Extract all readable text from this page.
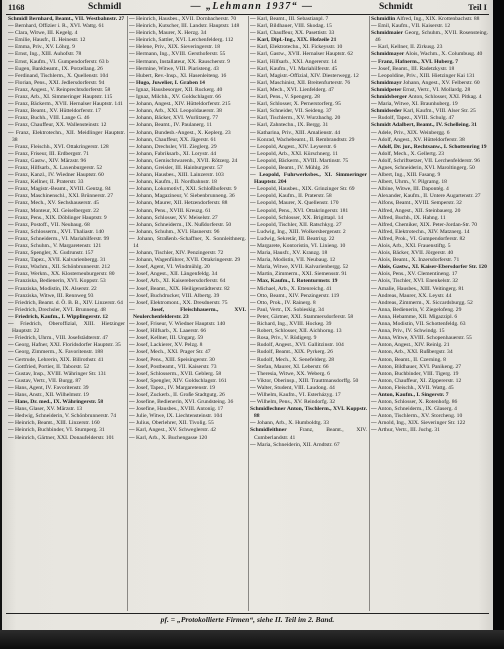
1168	Schmidl	— „Lehmann 1937“ —	Schmidt	Teil I
Schmidl Bernhard, Beamt., VII. Westbahnstr. 27
— Bernhard, Offizier i. R., XVI. Wattg. 61
— Clara, Witwe, III. Kegelg. 4
— Emilie, Hausfr., II. Heinestr. 12
— Emma, Priv., XV. Löhrg. 9
— Ernst, Ing., XIII. Auhofstr. 78
— Ernst, Kaufm., VI. Gumpendorferstr. 63 b
— Eugen, Bankbeamt., IX. Porzellang. 26
— Ferdinand, Tischlerm., X. Quellenstr. 104
— Florian, Pens., XXI. Jedlersdorferstr. 94
— Franz, Angest., V. Reinprechtsdorferstr. 58
— Franz, Arb., XI. Simmeringer Hauptstr. 115
— Franz, Bäckerm., XVII. Hernalser Hauptstr. 141
— Franz, Beamt., XV. Hütteldorferstr. 17
— Franz, Buchh., VIII. Lange G. 46
— Franz, Chauffeur, XX. Wallensteinstr. 12
— Franz, Elektrotechn., XII. Meidlinger Hauptstr. 38
— Franz, Fleischh., XVI. Ottakringerstr. 128
— Franz, Friseur, III. Erdbergstr. 71
— Franz, Gastw., XIV. Märzstr. 96
— Franz, Hilfsarb., X. Laxenburgerstr. 52
— Franz, Kanzl., IV. Wiedner Hauptstr. 60
— Franz, Kellner, II. Praterstr. 33
— Franz, Magistr.-Beamt., XVIII. Gentzg. 84
— Franz, Maschinenschl., XXI. Brünnerstr. 27
— Franz, Mech., XV. Sechshauserstr. 45
— Franz, Monteur, XI. Geiselbergstr. 22
— Franz, Pens., XIX. Döblinger Hauptstr. 9
— Franz, Postoff., VII. Neubaug. 68
— Franz, Schlosserm., XVI. Thaliastr. 140
— Franz, Schneiderm., VI. Mariahilferstr. 99
— Franz, Schuhm., V. Margaretenstr. 121
— Franz, Spengler, X. Gudrunstr. 157
— Franz, Tapez., XVII. Kalvarienbergg. 31
— Franz, Wachm., XII. Schönbrunnerstr. 212
— Franz, Werkm., XX. Klosterneuburgerstr. 80
— Franziska, Bedienerin, XVI. Koppstr. 53
— Franziska, Modistin, IX. Alserstr. 22
— Franziska, Witwe, III. Rennweg 93
— Friedrich, Beamt. d. Ö. B. B., XIV. Linzerstr. 64
— Friedrich, Drechsler, XVI. Brunneng. 48
— Friedrich, Kaufm., I. Wipplingerstr. 12
— Friedrich, Oberoffizial, XIII. Hietzinger Hauptstr. 22
— Friedrich, Uhrm., VIII. Josefstädterstr. 47
— Georg, Hafner, XXI. Floridsdorfer Hauptstr. 35
— Georg, Zimmerm., X. Favoritenstr. 188
— Gertrude, Lehrerin, XIX. Billrothstr. 41
— Gottfried, Portier, II. Taborstr. 52
— Gustav, Insp., XVIII. Währinger Str. 131
— Gustav, Vertr., VII. Burgg. 87
— Hans, Agent, IV. Favoritenstr. 39
— Hans, Anstr., XII. Wilhelmstr. 19
— Hans, Dr. med., IX. Währingerstr. 58
— Hans, Glaser, XV. Märzstr. 13
— Hedwig, Schneiderin, V. Schönbrunnerstr. 74
— Heinrich, Beamt., XIII. Linzerstr. 160
— Heinrich, Buchbinder, VI. Stumperg. 31
— Heinrich, Gärtner, XXI. Donaufelderstr. 101
— Heinrich, Hausbes., XVII. Dornbacherstr. 70
— Heinrich, Kutscher, III. Landstr. Hauptstr. 148
— Heinrich, Maurer, X. Herzg. 34
— Heinrich, Sattler, XVI. Lerchenfelderg. 112
— Helene, Priv., XIX. Sieveringerstr. 18
— Hermann, Ing., XVIII. Gersthoferstr. 55
— Hermann, Installateur, XX. Rauscherstr. 9
— Hermine, Witwe, VIII. Piaristeng. 43
— Hubert, Rev.-Insp., XI. Hasenleiteng. 16
— Hugo, Juwelier, I. Graben 14
— Ignaz, Hausbesorger, XII. Ruckerg. 40
— Ignaz, Milchh., XV. Goldschlagstr. 66
— Johann, Angest., XIV. Hütteldorferstr. 215
— Johann, Arb., XXI. Leopoldauerstr. 38
— Johann, Bäcker, XVI. Wurlitzerg. 77
— Johann, Beamt., IV. Paulanerg. 11
— Johann, Bundesb.-Angest., X. Keplerg. 23
— Johann, Chauffeur, XX. Jägerstr. 61
— Johann, Drechsler, VII. Zieglerg. 29
— Johann, Fabriksarb., XI. Lorystr. 44
— Johann, Gemischtwarenh., XVII. Rötzerg. 24
— Johann, Greisler, III. Hainburgerstr. 57
— Johann, Hausbes., XIII. Lainzerstr. 103
— Johann, Kaufm., II. Nordbahnstr. 18
— Johann, Lokomotivf., XXI. Schloßhoferstr. 9
— Johann, Magazineur, V. Siebenbrunneng. 36
— Johann, Maurer, XII. Hetzendorferstr. 88
— Johann, Pens., XVIII. Kreuzg. 61
— Johann, Schlosser, XV. Meiselstr. 27
— Johann, Schneiderm., IX. Nußdorferstr. 50
— Johann, Schuhm., XVI. Hasnerstr. 96
— Johann, Straßenb.-Schaffner, X. Sonnleithnerg. 14
— Johann, Tischler, XIV. Penzingerstr. 72
— Johann, Wagenführer, XVII. Ottakringerstr. 29
— Josef, Agent, VI. Windmühlg. 20
— Josef, Angest., XII. Längenfeldg. 34
— Josef, Arb., XI. Kaiserebersdorferstr. 64
— Josef, Beamt., XIX. Heiligenstädterstr. 82
— Josef, Buchdrucker, VIII. Albertg. 39
— Josef, Elektromont., XX. Dresdnerstr. 75
—	Josef, Fleischhauerm., XVI. Neulerchenfelderstr. 23
— Josef, Friseur, V. Wiedner Hauptstr. 140
— Josef, Hilfsarb., X. Laaerstr. 66
— Josef, Kellner, III. Ungarg. 59
— Josef, Lackierer, XV. Pelzg. 8
— Josef, Mech., XXI. Prager Str. 47
— Josef, Pens., XIII. Speisingerstr. 30
— Josef, Postbeamt., VII. Kaiserstr. 73
— Josef, Schlosserm., XVII. Geblerg. 58
— Josef, Spengler, XIV. Goldschlagstr. 161
— Josef, Tapez., IV. Margaretenstr. 19
— Josef, Zuckerb., II. Große Stadtgutg. 26
— Josefine, Bedienerin, XVI. Grundsteing. 36
— Josefine, Hausbes., XVIII. Antonig. 17
— Julie, Witwe, IX. Liechtensteinstr. 104
— Julius, Oberlehrer, XII. Tivolig. 55
— Karl, Angest., XV. Schweglerstr. 42
— Karl, Arb., X. Buchengasse 120
— Karl, Beamt., III. Sebastianpl. 7
— Karl, Bildhauer, VIII. Skodag. 15
— Karl, Chauffeur, XX. Pasettistr. 33
— Karl, Dipl.-Ing., XIX. Hofzeile 21
— Karl, Elektrotechn., XI. Fickeysstr. 10
— Karl, Gastw., XVII. Hernalser Hauptstr. 62
— Karl, Hilfsarb., XXI. Angererstr. 14
— Karl, Kaufm., VI. Mariahilferstr. 45
— Karl, Magistr.-Offizial, XIV. Diesterwegg. 12
— Karl, Maschinist, XII. Breitenfurterstr. 76
— Karl, Mech., XVI. Lienfelderg. 47
— Karl, Pens., V. Spengerg. 28
— Karl, Schlosser, X. Pernerstorferg. 95
— Karl, Schneider, VII. Seideng. 37
— Karl, Tischlerm., XV. Wurzbachg. 20
— Karl, Zahntechn., IX. Bergg. 31
— Katharina, Priv., XIII. Amalienstr. 44
— Konrad, Wachebeamt., II. Rembrandtstr. 29
— Leopold, Angest., XIV. Leyserstr. 6
— Leopold, Arb., XXI. Kürschnerg. 11
— Leopold, Bäckerm., XVIII. Martinstr. 75
— Leopold, Beamt., IV. Mühlg. 26
— Leopold, Fuhrwerksbes., XI. Simmeringer Hauptstr. 204
— Leopold, Hausbes., XIX. Grinzinger Str. 69
— Leopold, Kaufm., II. Praterstr. 58
— Leopold, Maurer, X. Quellenstr. 170
— Leopold, Pens., XVI. Ottakringerstr. 181
— Leopold, Schlosser, XX. Brigittapl. 14
— Leopold, Tischler, XII. Ratschkyg. 27
— Ludwig, Ing., XIII. Wolkersbergenstr. 2
— Ludwig, Sekretär, III. Beatrixg. 22
— Margarete, Kontoristin, VI. Linieng. 10
— Maria, Hausfr., XV. Kranzg. 18
— Maria, Modistin, VII. Neubaug. 12
— Maria, Witwe, XVII. Kalvarienbergg. 52
— Martin, Zimmerm., XXI. Siemensstr. 91
— Max, Kaufm., I. Rotenturmstr. 19
— Michael, Arb., X. Ettenreichg. 41
— Otto, Beamt., XIV. Penzingerstr. 119
— Otto, Prok., IV. Rainerg. 8
— Paul, Vertr., IX. Sobieskig. 34
— Peter, Gärtner, XXI. Stammersdorferstr. 58
— Richard, Ing., XVIII. Hockeg. 39
— Robert, Schlosser, XII. Aichhorng. 13
— Rosa, Priv., V. Rüdigerg. 9
— Rudolf, Angest., XVI. Gallitzinstr. 104
— Rudolf, Beamt., XIX. Pyrkerg. 26
— Rudolf, Mech., X. Senefelderg. 28
— Stefan, Maurer, XI. Leberstr. 66
— Theresia, Witwe, XX. Weberg. 6
— Viktor, Oberinsp., XIII. Trauttmansdorffg. 50
— Walter, Student, VIII. Laudong. 44
— Wilhelm, Kaufm., VI. Esterházyg. 17
— Wilhelm, Pens., XV. Reindorfg. 32
Schmidlechner Anton, Tischlerm., XVI. Koppstr. 88
— Johann, Arb., X. Humboldtg. 33
Schmidleithner Franz, Beamt., XIV. Cumberlandstr. 41
— Maria, Schneiderin, XII. Arndtstr. 67
Schmidlin Alfred, Ing., XIX. Krottenbachstr. 88
— Emil, Kaufm., VII. Kaiserstr. 12
Schmidmaier Georg, Schuhm., XVII. Rosensteing. 46
— Karl, Kellner, II. Zirkusg. 23
Schmidmayer Alois, Wachm., X. Columbusg. 40
— Franz, Hafnerm., XVI. Huberg. 7
— Josef, Beamt., III. Radetzkystr. 18
— Leopoldine, Priv., XIII. Hietzinger Kai 131
Schmidmayr Johann, Angest., XV. Felberstr. 60
Schmidpeter Ernst, Vertr., VI. Mollardg. 28
Schmidsberger Anton, Schlosser, XXI. Pitkag. 4
— Maria, Witwe, XI. Braunhuberg. 19
Schmidseder Karl, Kaufm., VIII. Alser Str. 25
— Rudolf, Tapez., XVIII. Schulg. 47
Schmidt Adalbert, Beamt., IV. Schelleing. 31
— Adele, Priv., XIX. Weinbergg. 6
— Adolf, Angest., XV. Hütteldorferstr. 38
— Adolf, Dr. jur., Rechtsanw., I. Schottenring 19
— Adolf, Mech., X. Gellertg. 23
— Adolf, Schriftsetzer, VII. Lerchenfelderstr. 96
— Agnes, Schneiderin, XVI. Maroltingerg. 50
— Albert, Ing., XIII. Fasang. 9
— Albert, Uhrm., V. Pilgramg. 18
— Albine, Witwe, III. Dapontég. 4
— Alexander, Kaufm., II. Untere Augartenstr. 27
— Alfons, Beamt., XVIII. Semperstr. 32
— Alfred, Angest., XII. Steinbauerg. 20
— Alfred, Buchh., IX. Hahng. 11
— Alfred, Chemiker, XIX. Peter-Jordan-Str. 70
— Alfred, Elektrotechn., XIV. Matznerg. 14
— Alfred, Prok., VI. Gumpendorferstr. 82
— Alois, Arb., XXI. Frauenstiftg. 5
— Alois, Bäcker, XVII. Jörgerstr. 40
— Alois, Beamt., X. Inzersdorferstr. 71
— Alois, Gastw., XI. Kaiser-Ebersdorfer Str. 120
— Alois, Pens., XV. Clementineng. 17
— Alois, Tischler, XVI. Enenkelstr. 32
— Amalie, Hausbes., XIII. Veitingerg. 81
— Andreas, Maurer, XX. Leystr. 44
— Andreas, Zimmerm., X. Siccardsburgg. 52
— Anna, Bedienerin, V. Ziegelofeng. 29
— Anna, Hebamme, XII. Migazzipl. 6
— Anna, Modistin, VII. Schottenfeldg. 63
— Anna, Priv., IV. Schwindg. 15
— Anna, Witwe, XVIII. Schopenhauerstr. 55
— Anton, Angest., XIV. Reinlg. 21
— Anton, Arb., XXI. Rußbergstr. 34
— Anton, Beamt., II. Czerning. 8
— Anton, Bildhauer, XVI. Panikeng. 27
— Anton, Buchbinder, VIII. Tigerg. 19
— Anton, Chauffeur, XI. Zippererstr. 12
— Anton, Fleischh., XVII. Wattg. 45
— Anton, Kaufm., I. Singerstr. 7
— Anton, Schlosser, X. Rotenhofg. 86
— Anton, Schneiderm., IX. Glaserg. 4
— Anton, Tischlerm., XV. Storcheng. 10
— Arnold, Ing., XIX. Sieveringer Str. 122
— Arthur, Vertr., III. Juchg. 31
pf. = „Protokollierte Firmen“, siehe II. Teil im 2. Band.
